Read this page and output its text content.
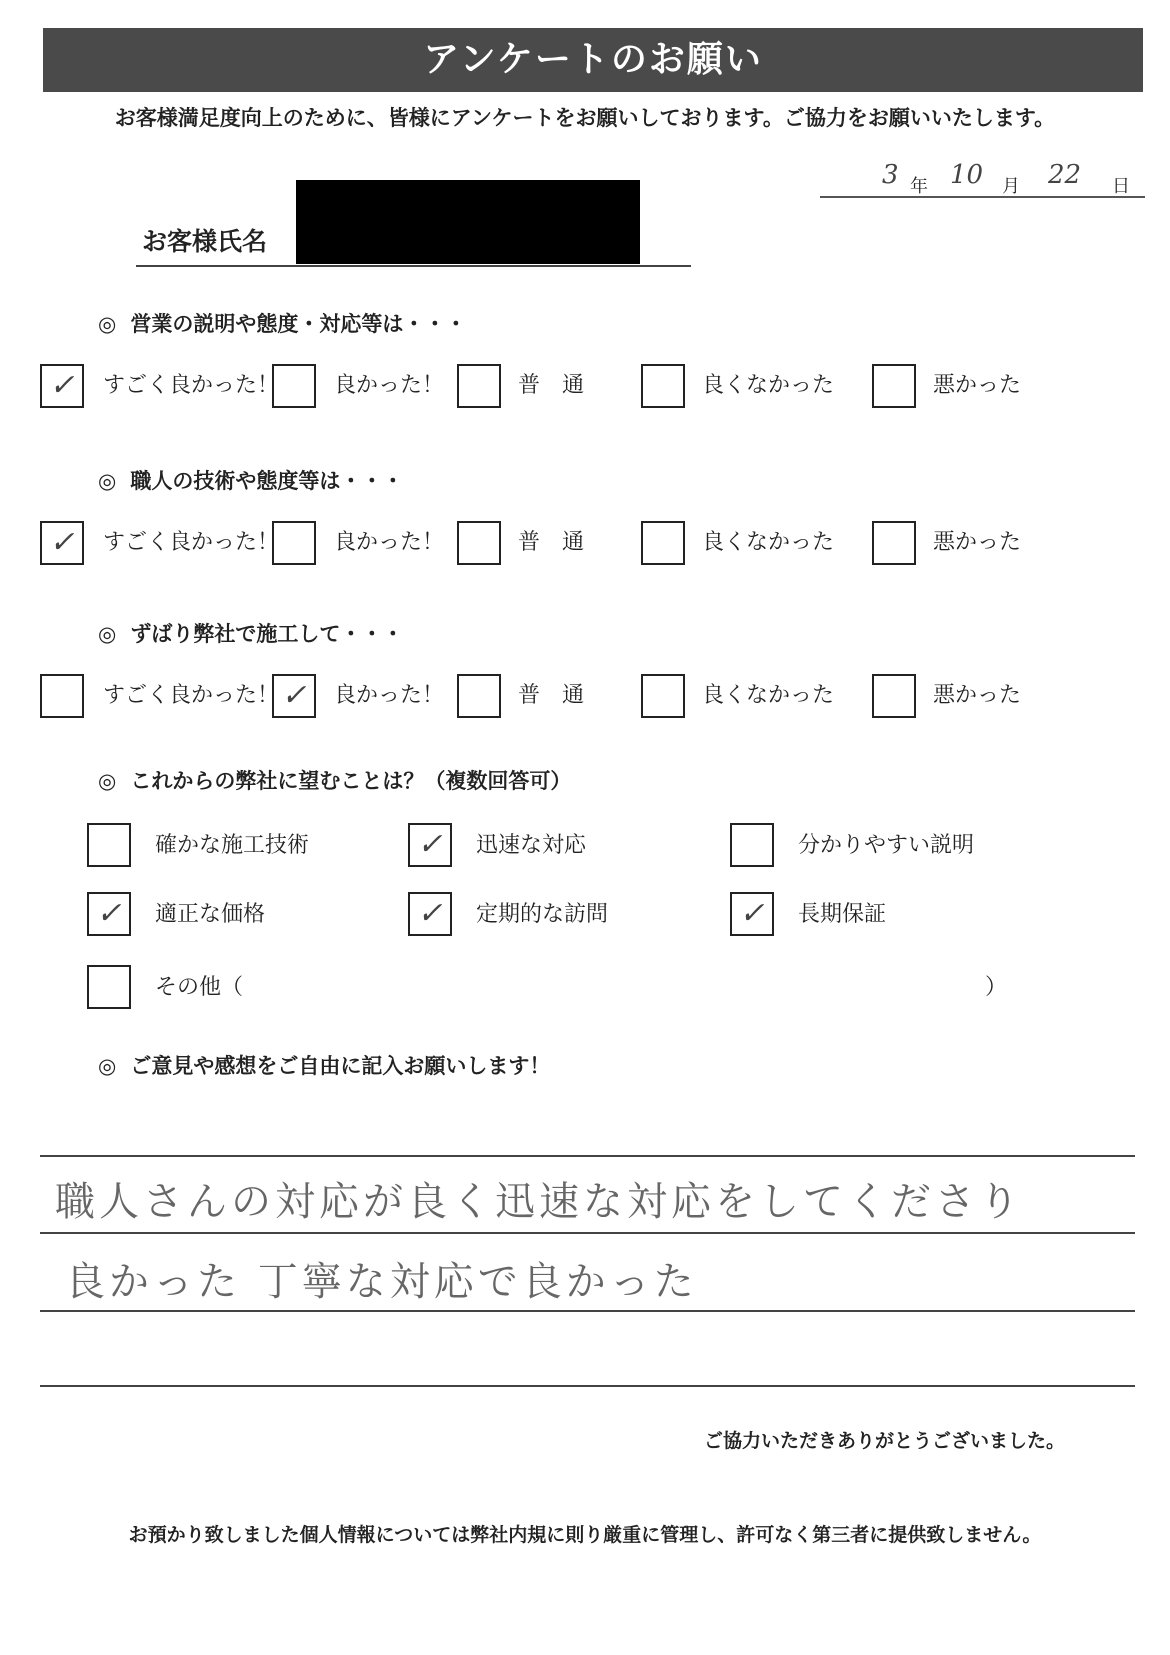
アンケートのお願い
お客様満足度向上のために、皆様にアンケートをお願いしております。ご協力をお願いいたします。
3 年 10 月 22 日
お客様氏名
◎ 営業の説明や態度・対応等は・・・
✓ すごく良かった！ 良かった！	普　通	良くなかった	悪かった
◎ 職人の技術や態度等は・・・
✓ すごく良かった！ 良かった！	普　通	良くなかった	悪かった
◎ ずばり弊社で施工して・・・
すごく良かった！ ✓ 良かった！	普　通	良くなかった	悪かった
◎ これからの弊社に望むことは？（複数回答可）
確かな施工技術	✓ 迅速な対応	分かりやすい説明
✓ 適正な価格	✓ 定期的な訪問	✓ 長期保証
その他（	）
◎ ご意見や感想をご自由に記入お願いします！
職人さんの対応が良く迅速な対応をしてくださり
良かった 丁寧な対応で良かった
ご協力いただきありがとうございました。
お預かり致しました個人情報については弊社内規に則り厳重に管理し、許可なく第三者に提供致しません。
